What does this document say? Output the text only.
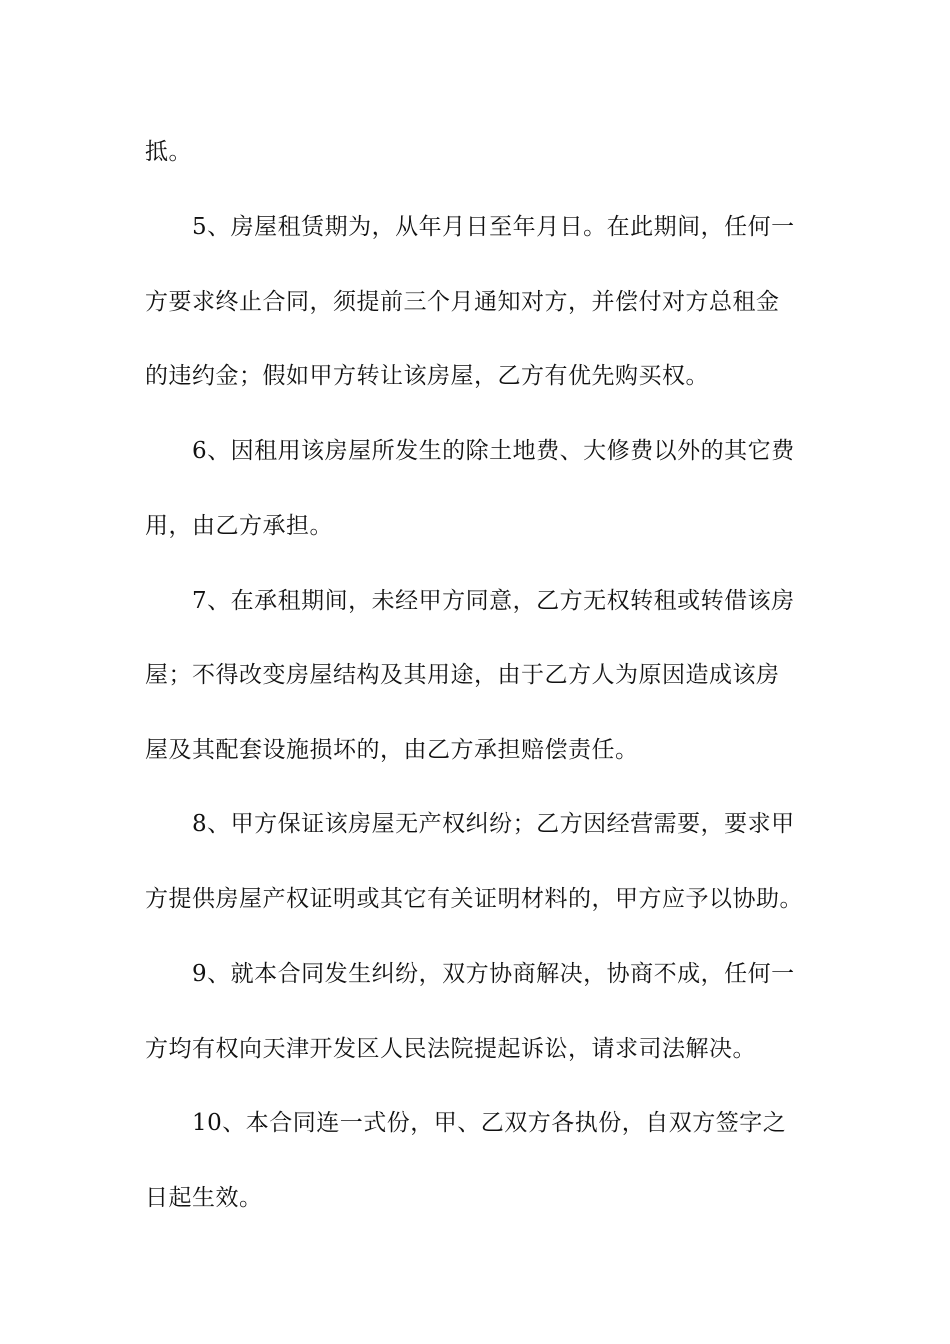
抵。
5、房屋租赁期为，从年月日至年月日。在此期间，任何一
方要求终止合同，须提前三个月通知对方，并偿付对方总租金
的违约金；假如甲方转让该房屋，乙方有优先购买权。
6、因租用该房屋所发生的除土地费、大修费以外的其它费
用，由乙方承担。
7、在承租期间，未经甲方同意，乙方无权转租或转借该房
屋；不得改变房屋结构及其用途，由于乙方人为原因造成该房
屋及其配套设施损坏的，由乙方承担赔偿责任。
8、甲方保证该房屋无产权纠纷；乙方因经营需要，要求甲
方提供房屋产权证明或其它有关证明材料的，甲方应予以协助。
9、就本合同发生纠纷，双方协商解决，协商不成，任何一
方均有权向天津开发区人民法院提起诉讼，请求司法解决。
10、本合同连一式份，甲、乙双方各执份，自双方签字之
日起生效。
